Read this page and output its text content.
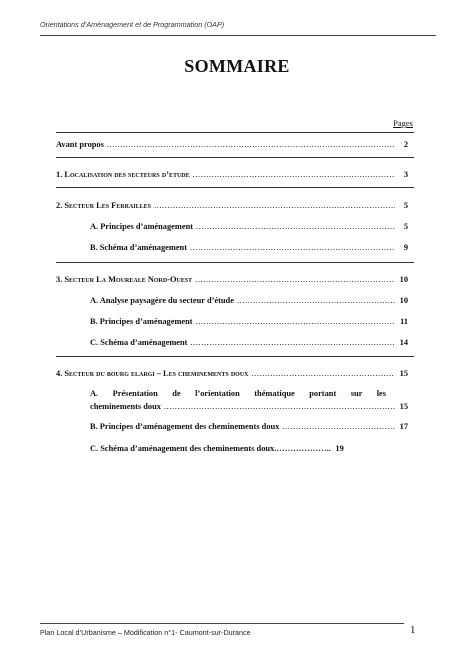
Orientations d’Aménagement et de Programmation (OAP)
SOMMAIRE
Pages
Avant propos .....	2
1. Localisation des secteurs d’etude .....	3
2. Secteur Les Ferrailles .....	5
A. Principes d’aménagement .....	5
B. Schéma d’aménagement .....	9
3. Secteur La Moureale Nord-Ouest .....	10
A. Analyse paysagère du secteur d’étude .....	10
B. Principes d’aménagement .....	11
C. Schéma d’aménagement .....	14
4. Secteur du bourg elargi – Les cheminements doux .....	15
A. Présentation de l’orientation thématique portant sur les
cheminements doux .....	15
B. Principes d’aménagement des cheminements doux .....	17
C. Schéma d’aménagement des cheminements doux.……………….. 19
Plan Local d’Urbanisme – Modification n°1- Caumont-sur-Durance	1
